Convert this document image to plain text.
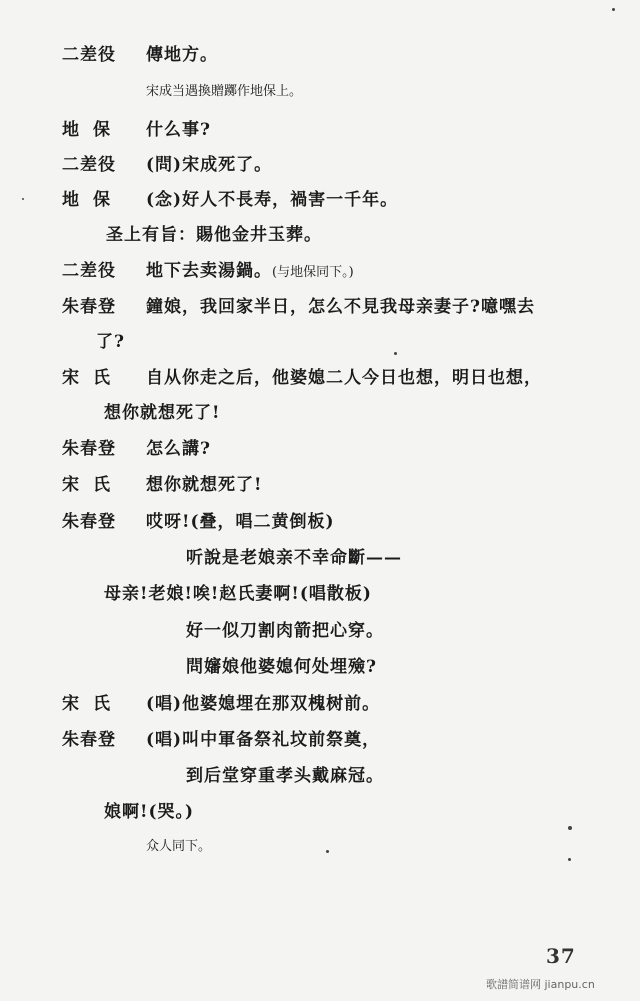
二差役 傳地方。
宋成当遇換贈躑作地保上。
地保 什么事?
二差役 (問)宋成死了。
地保 (念)好人不長寿，禍害一千年。
圣上有旨：賜他金井玉葬。
二差役 地下去卖湯鍋。(与地保同下。)
朱春登 鐘娘，我回家半日，怎么不見我母亲妻子?噫嘿去
了?
宋氏 自从你走之后，他婆媳二人今日也想，明日也想，
想你就想死了!
朱春登 怎么講?
宋氏 想你就想死了!
朱春登 哎呀!(叠，唱二黄倒板)
听說是老娘亲不幸命斷——
母亲!老娘!唉!赵氏妻啊!(唱散板)
好一似刀割肉箭把心穿。
問嬸娘他婆媳何处埋殮?
宋氏 (唱)他婆媳埋在那双槐树前。
朱春登 (唱)叫中軍备祭礼坟前祭奠，
到后堂穿重孝头戴麻冠。
娘啊!(哭。)
众人同下。
37
歌譜简谱网 jianpu.cn
